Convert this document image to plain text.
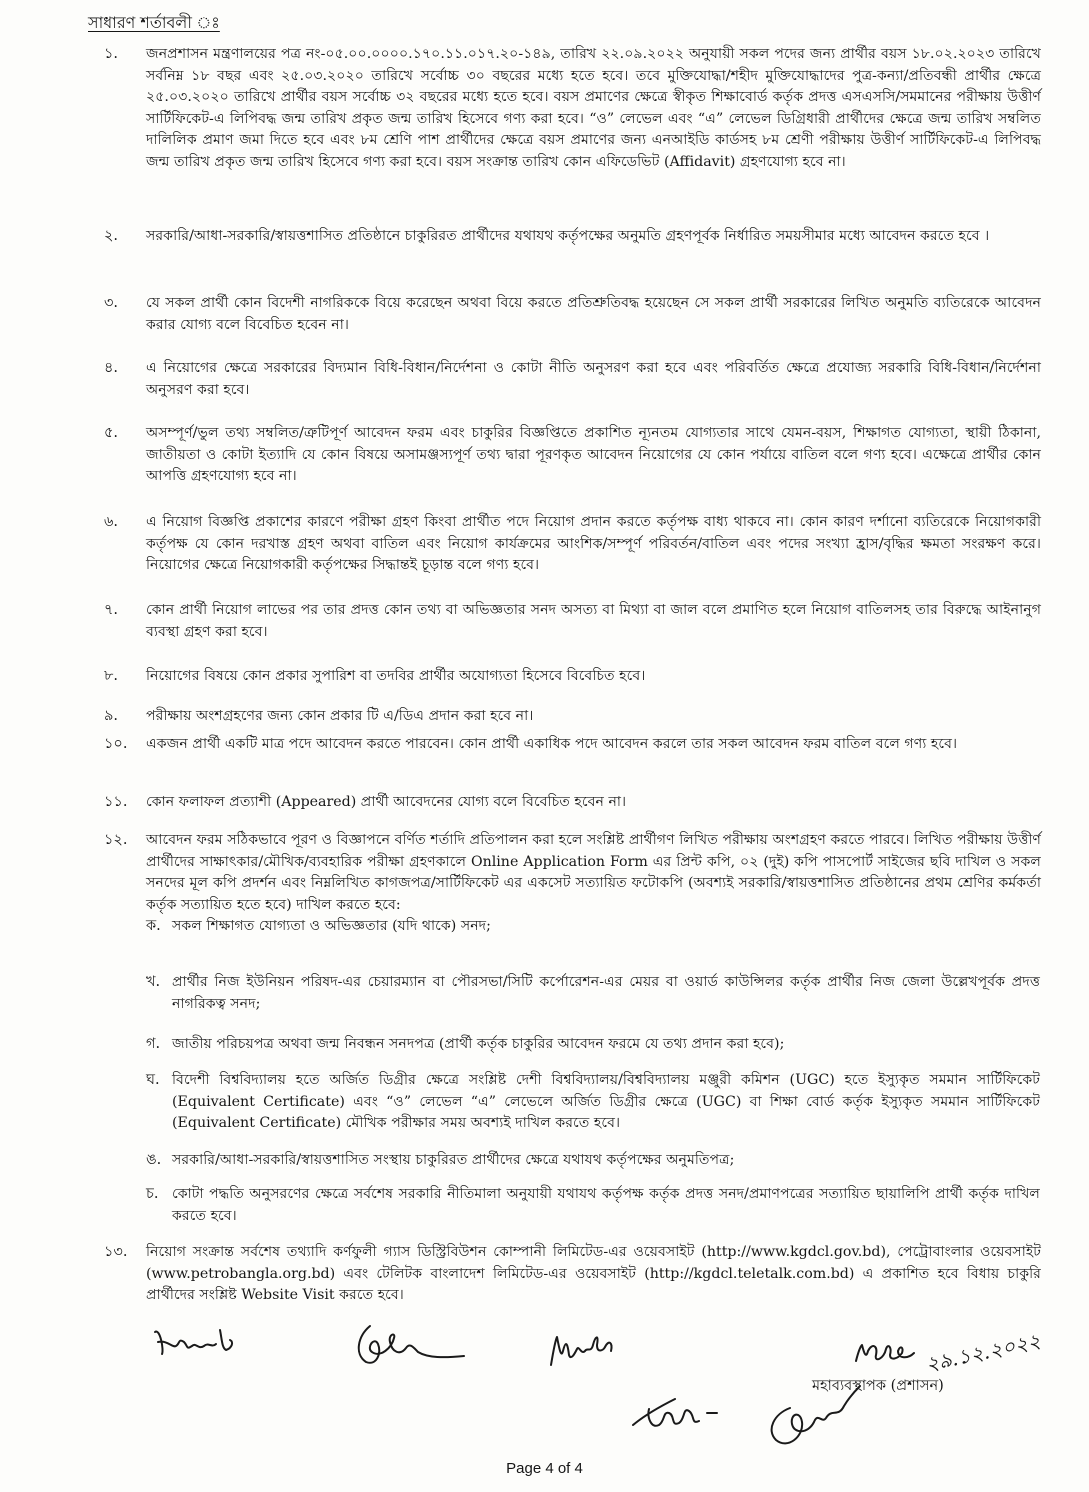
সাধারণ শর্তাবলী ঃ
১. জনপ্রশাসন মন্ত্রণালয়ের পত্র নং-০৫.০০.০০০০.১৭০.১১.০১৭.২০-১৪৯, তারিখ ২২.০৯.২০২২ অনুযায়ী সকল পদের জন্য প্রার্থীর বয়স ১৮.০২.২০২৩ তারিখে সর্বনিম্ন ১৮ বছর এবং ২৫.০৩.২০২০ তারিখে সর্বোচ্চ ৩০ বছরের মধ্যে হতে হবে। তবে মুক্তিযোদ্ধা/শহীদ মুক্তিযোদ্ধাদের পুত্র-কন্যা/প্রতিবন্ধী প্রার্থীর ক্ষেত্রে ২৫.০৩.২০২০ তারিখে প্রার্থীর বয়স সর্বোচ্চ ৩২ বছরের মধ্যে হতে হবে। বয়স প্রমাণের ক্ষেত্রে স্বীকৃত শিক্ষাবোর্ড কর্তৃক প্রদত্ত এসএসসি/সমমানের পরীক্ষায় উত্তীর্ণ সার্টিফিকেট-এ লিপিবদ্ধ জন্ম তারিখ প্রকৃত জন্ম তারিখ হিসেবে গণ্য করা হবে। “ও” লেভেল এবং “এ” লেভেল ডিগ্রিধারী প্রার্থীদের ক্ষেত্রে জন্ম তারিখ সম্বলিত দালিলিক প্রমাণ জমা দিতে হবে এবং ৮ম শ্রেণি পাশ প্রার্থীদের ক্ষেত্রে বয়স প্রমাণের জন্য এনআইডি কার্ডসহ ৮ম শ্রেণী পরীক্ষায় উত্তীর্ণ সার্টিফিকেট-এ লিপিবদ্ধ জন্ম তারিখ প্রকৃত জন্ম তারিখ হিসেবে গণ্য করা হবে। বয়স সংক্রান্ত তারিখ কোন এফিডেভিট (Affidavit) গ্রহণযোগ্য হবে না।
২. সরকারি/আধা-সরকারি/স্বায়ত্তশাসিত প্রতিষ্ঠানে চাকুরিরত প্রার্থীদের যথাযথ কর্তৃপক্ষের অনুমতি গ্রহণপূর্বক নির্ধারিত সময়সীমার মধ্যে আবেদন করতে হবে ।
৩. যে সকল প্রার্থী কোন বিদেশী নাগরিককে বিয়ে করেছেন অথবা বিয়ে করতে প্রতিশ্রুতিবদ্ধ হয়েছেন সে সকল প্রার্থী সরকারের লিখিত অনুমতি ব্যতিরেকে আবেদন করার যোগ্য বলে বিবেচিত হবেন না।
৪. এ নিয়োগের ক্ষেত্রে সরকারের বিদ্যমান বিধি-বিধান/নির্দেশনা ও কোটা নীতি অনুসরণ করা হবে এবং পরিবর্তিত ক্ষেত্রে প্রযোজ্য সরকারি বিধি-বিধান/নির্দেশনা অনুসরণ করা হবে।
৫. অসম্পূর্ণ/ভুল তথ্য সম্বলিত/ত্রুটিপূর্ণ আবেদন ফরম এবং চাকুরির বিজ্ঞপ্তিতে প্রকাশিত ন্যূনতম যোগ্যতার সাথে যেমন-বয়স, শিক্ষাগত যোগ্যতা, স্থায়ী ঠিকানা, জাতীয়তা ও কোটা ইত্যাদি যে কোন বিষয়ে অসামঞ্জস্যপূর্ণ তথ্য দ্বারা পূরণকৃত আবেদন নিয়োগের যে কোন পর্যায়ে বাতিল বলে গণ্য হবে। এক্ষেত্রে প্রার্থীর কোন আপত্তি গ্রহণযোগ্য হবে না।
৬. এ নিয়োগ বিজ্ঞপ্তি প্রকাশের কারণে পরীক্ষা গ্রহণ কিংবা প্রার্থীত পদে নিয়োগ প্রদান করতে কর্তৃপক্ষ বাধ্য থাকবে না। কোন কারণ দর্শানো ব্যতিরেকে নিয়োগকারী কর্তৃপক্ষ যে কোন দরখাস্ত গ্রহণ অথবা বাতিল এবং নিয়োগ কার্যক্রমের আংশিক/সম্পূর্ণ পরিবর্তন/বাতিল এবং পদের সংখ্যা হ্রাস/বৃদ্ধির ক্ষমতা সংরক্ষণ করে। নিয়োগের ক্ষেত্রে নিয়োগকারী কর্তৃপক্ষের সিদ্ধান্তই চূড়ান্ত বলে গণ্য হবে।
৭. কোন প্রার্থী নিয়োগ লাভের পর তার প্রদত্ত কোন তথ্য বা অভিজ্ঞতার সনদ অসত্য বা মিথ্যা বা জাল বলে প্রমাণিত হলে নিয়োগ বাতিলসহ তার বিরুদ্ধে আইনানুগ ব্যবস্থা গ্রহণ করা হবে।
৮. নিয়োগের বিষয়ে কোন প্রকার সুপারিশ বা তদবির প্রার্থীর অযোগ্যতা হিসেবে বিবেচিত হবে।
৯. পরীক্ষায় অংশগ্রহণের জন্য কোন প্রকার টি এ/ডিএ প্রদান করা হবে না।
১০. একজন প্রার্থী একটি মাত্র পদে আবেদন করতে পারবেন। কোন প্রার্থী একাধিক পদে আবেদন করলে তার সকল আবেদন ফরম বাতিল বলে গণ্য হবে।
১১. কোন ফলাফল প্রত্যাশী (Appeared) প্রার্থী আবেদনের যোগ্য বলে বিবেচিত হবেন না।
১২. আবেদন ফরম সঠিকভাবে পূরণ ও বিজ্ঞাপনে বর্ণিত শর্তাদি প্রতিপালন করা হলে সংশ্লিষ্ট প্রার্থীগণ লিখিত পরীক্ষায় অংশগ্রহণ করতে পারবে। লিখিত পরীক্ষায় উত্তীর্ণ প্রার্থীদের সাক্ষাৎকার/মৌখিক/ব্যবহারিক পরীক্ষা গ্রহণকালে Online Application Form এর প্রিন্ট কপি, ০২ (দুই) কপি পাসপোর্ট সাইজের ছবি দাখিল ও সকল সনদের মূল কপি প্রদর্শন এবং নিম্নলিখিত কাগজপত্র/সার্টিফিকেট এর একসেট সত্যায়িত ফটোকপি (অবশ্যই সরকারি/স্বায়ত্তশাসিত প্রতিষ্ঠানের প্রথম শ্রেণির কর্মকর্তা কর্তৃক সত্যায়িত হতে হবে) দাখিল করতে হবে:
ক. সকল শিক্ষাগত যোগ্যতা ও অভিজ্ঞতার (যদি থাকে) সনদ;
খ. প্রার্থীর নিজ ইউনিয়ন পরিষদ-এর চেয়ারম্যান বা পৌরসভা/সিটি কর্পোরেশন-এর মেয়র বা ওয়ার্ড কাউন্সিলর কর্তৃক প্রার্থীর নিজ জেলা উল্লেখপূর্বক প্রদত্ত নাগরিকত্ব সনদ;
গ. জাতীয় পরিচয়পত্র অথবা জন্ম নিবন্ধন সনদপত্র (প্রার্থী কর্তৃক চাকুরির আবেদন ফরমে যে তথ্য প্রদান করা হবে);
ঘ. বিদেশী বিশ্ববিদ্যালয় হতে অর্জিত ডিগ্রীর ক্ষেত্রে সংশ্লিষ্ট দেশী বিশ্ববিদ্যালয়/বিশ্ববিদ্যালয় মঞ্জুরী কমিশন (UGC) হতে ইস্যুকৃত সমমান সার্টিফিকেট (Equivalent Certificate) এবং “ও” লেভেল “এ” লেভেলে অর্জিত ডিগ্রীর ক্ষেত্রে (UGC) বা শিক্ষা বোর্ড কর্তৃক ইস্যুকৃত সমমান সার্টিফিকেট (Equivalent Certificate) মৌখিক পরীক্ষার সময় অবশ্যই দাখিল করতে হবে।
ঙ. সরকারি/আধা-সরকারি/স্বায়ত্তশাসিত সংস্থায় চাকুরিরত প্রার্থীদের ক্ষেত্রে যথাযথ কর্তৃপক্ষের অনুমতিপত্র;
চ. কোটা পদ্ধতি অনুসরণের ক্ষেত্রে সর্বশেষ সরকারি নীতিমালা অনুযায়ী যথাযথ কর্তৃপক্ষ কর্তৃক প্রদত্ত সনদ/প্রমাণপত্রের সত্যায়িত ছায়ালিপি প্রার্থী কর্তৃক দাখিল করতে হবে।
১৩. নিয়োগ সংক্রান্ত সর্বশেষ তথ্যাদি কর্ণফুলী গ্যাস ডিস্ট্রিবিউশন কোম্পানী লিমিটেড-এর ওয়েবসাইট (http://www.kgdcl.gov.bd), পেট্রোবাংলার ওয়েবসাইট (www.petrobangla.org.bd) এবং টেলিটক বাংলাদেশ লিমিটেড-এর ওয়েবসাইট (http://kgdcl.teletalk.com.bd) এ প্রকাশিত হবে বিধায় চাকুরি প্রার্থীদের সংশ্লিষ্ট Website Visit করতে হবে।
২৯.১২.২০২২
মহাব্যবস্থাপক (প্রশাসন)
Page 4 of 4
